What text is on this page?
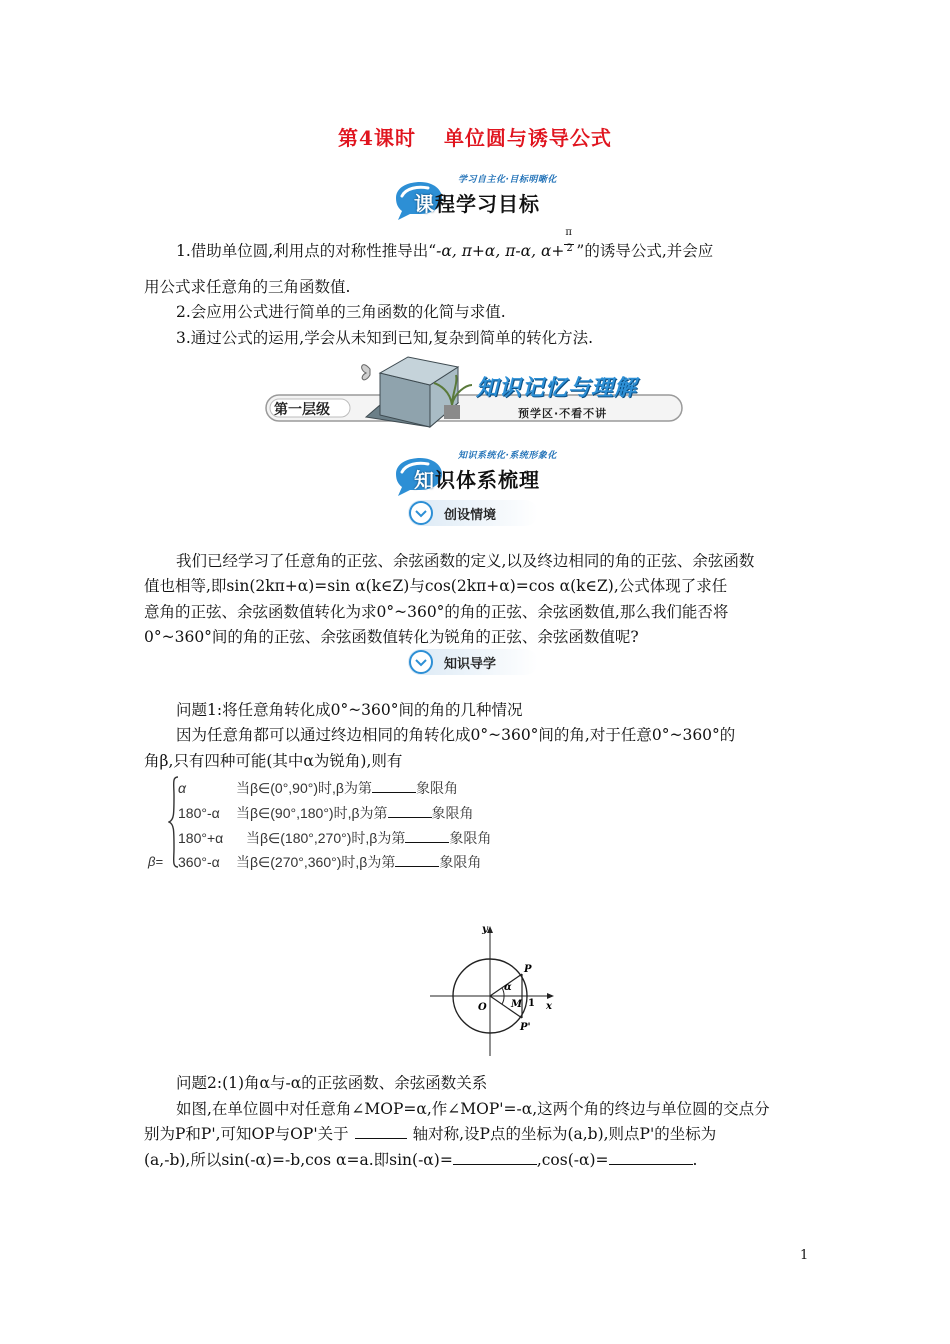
第4课时 单位圆与诱导公式
学习自主化·目标明晰化
课程学习目标
1.借助单位圆,利用点的对称性推导出“-α, π+α, π-α, $\alpha+ \frac{\pi}{2}$ ”的诱导公式,并会应
用公式求任意角的三角函数值.
2.会应用公式进行简单的三角函数的化简与求值.
3.通过公式的运用,学会从未知到已知,复杂到简单的转化方法.
第一层级
知识记忆与理解
预学区·不看不讲
知识系统化·系统形象化
知识体系梳理
创设情境
我们已经学习了任意角的正弦、余弦函数的定义,以及终边相同的角的正弦、余弦函数
值也相等,即sin(2kπ+α)=sin α(k∈Z)与cos(2kπ+α)=cos α(k∈Z),公式体现了求任
意角的正弦、余弦函数值转化为求0°~360°的角的正弦、余弦函数值,那么我们能否将
0°~360°间的角的正弦、余弦函数值转化为锐角的正弦、余弦函数值呢?
知识导学
问题1:将任意角转化成0°~360°间的角的几种情况
因为任意角都可以通过终边相同的角转化成0°~360°间的角,对于任意0°~360°的
角β,只有四种可能(其中α为锐角),则有
β=
α	当β∈(0°,90°)时,β为第	象限角
180°-α 当β∈(90°,180°)时,β为第	象限角
180°+α 当β∈(180°,270°)时,β为第	象限角
360°-α 当β∈(270°,360°)时,β为第	象限角
y
x
O
P
M 1
P'
α
问题2:(1)角α与-α的正弦函数、余弦函数关系
如图,在单位圆中对任意角∠MOP=α,作∠MOP'=-α,这两个角的终边与单位圆的交点分
别为P和P',可知OP与OP'关于	轴对称,设P点的坐标为(a,b),则点P'的坐标为
(a,-b),所以sin(-α)=-b,cos α=a.即sin(-α)=	,cos(-α)=	.
1
